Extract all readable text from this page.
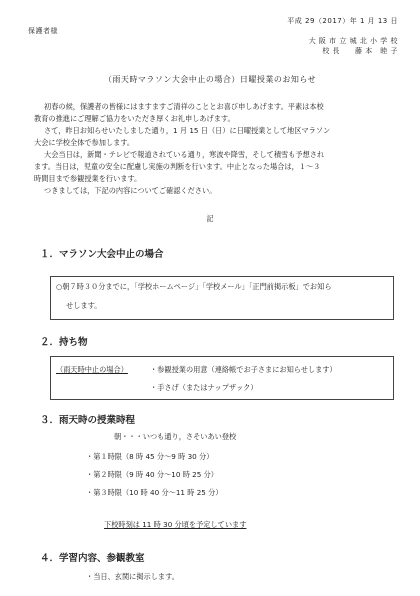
平成 29（2017）年 1 月 13 日
保護者様
大 阪 市 立 城 北 小 学 校
校 長　　藤 本　睦 子
（雨天時マラソン大会中止の場合）日曜授業のお知らせ
初春の候，保護者の皆様にはますますご清祥のこととお喜び申しあげます。平素は本校
教育の推進にご理解ご協力をいただき厚くお礼申しあげます。
さて，昨日お知らせいたしました通り，1 月 15 日（日）に日曜授業として地区マラソン
大会に学校全体で参加します。
大会当日は，新聞・テレビで報道されている通り，寒波や降雪，そして積雪も予想され
ます。当日は，児童の安全に配慮し実施の判断を行います。中止となった場合は，１～３
時間目まで参観授業を行います。
つきましては，下記の内容についてご確認ください。
記
１．マラソン大会中止の場合
○朝７時３０分までに，「学校ホームページ」「学校メール」「正門前掲示板」でお知ら
せします。
２．持ち物
（雨天時中止の場合）	・参観授業の用意（連絡帳でお子さまにお知らせします）
・手さげ（またはナップザック）
３．雨天時の授業時程
朝・・・いつも通り，さそいあい登校
・第１時限（8 時 45 分～9 時 30 分）
・第２時限（9 時 40 分～10 時 25 分）
・第３時限（10 時 40 分～11 時 25 分）
下校時刻は 11 時 30 分頃を予定しています
４．学習内容、参観教室
・当日、玄関に掲示します。
